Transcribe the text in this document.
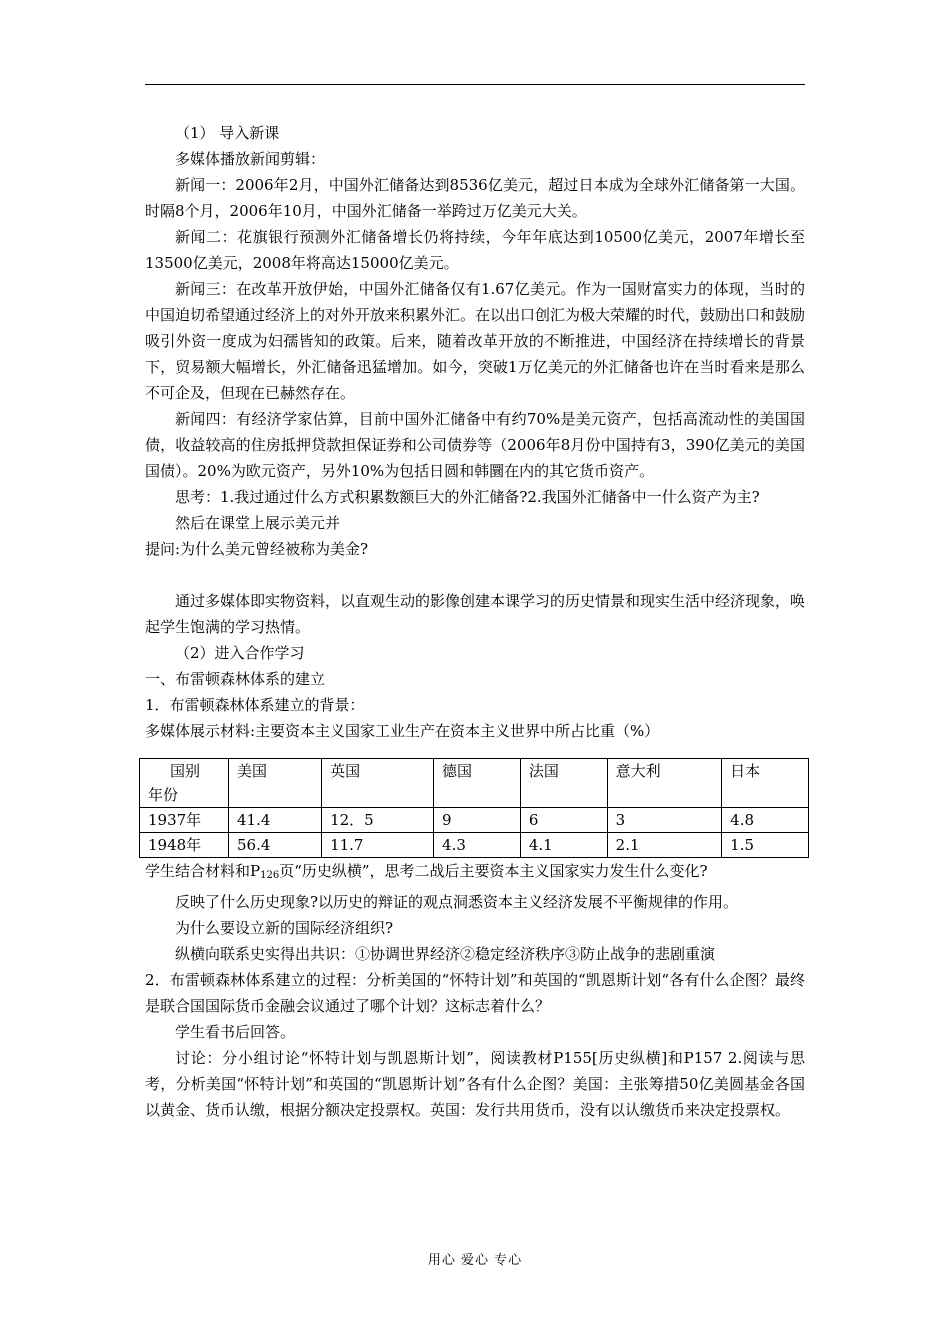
（1） 导入新课

多媒体播放新闻剪辑：

新闻一：2006年2月，中国外汇储备达到8536亿美元，超过日本成为全球外汇储备第一大国。时隔8个月，2006年10月，中国外汇储备一举跨过万亿美元大关。

新闻二：花旗银行预测外汇储备增长仍将持续，今年年底达到10500亿美元，2007年增长至13500亿美元，2008年将高达15000亿美元。

新闻三：在改革开放伊始，中国外汇储备仅有1.67亿美元。作为一国财富实力的体现，当时的中国迫切希望通过经济上的对外开放来积累外汇。在以出口创汇为极大荣耀的时代，鼓励出口和鼓励吸引外资一度成为妇孺皆知的政策。后来，随着改革开放的不断推进，中国经济在持续增长的背景下，贸易额大幅增长，外汇储备迅猛增加。如今，突破1万亿美元的外汇储备也许在当时看来是那么不可企及，但现在已赫然存在。

新闻四：有经济学家估算，目前中国外汇储备中有约70%是美元资产，包括高流动性的美国国债，收益较高的住房抵押贷款担保证券和公司债券等（2006年8月份中国持有3，390亿美元的美国国债）。20%为欧元资产，另外10%为包括日圆和韩圜在内的其它货币资产。

思考：1.我过通过什么方式积累数额巨大的外汇储备?2.我国外汇储备中一什么资产为主?

然后在课堂上展示美元并

提问:为什么美元曾经被称为美金?

通过多媒体即实物资料，以直观生动的影像创建本课学习的历史情景和现实生活中经济现象，唤起学生饱满的学习热情。

（2）进入合作学习

一、布雷顿森林体系的建立

1．布雷顿森林体系建立的背景：

多媒体展示材料:主要资本主义国家工业生产在资本主义世界中所占比重（%）

国别
年份	美国	英国	德国	法国	意大利	日本
1937年	41.4	12．5	9	6	3	4.8
1948年	56.4	11.7	4.3	4.1	2.1	1.5

学生结合材料和$P_{126}$页“历史纵横”，思考二战后主要资本主义国家实力发生什么变化?

反映了什么历史现象?以历史的辩证的观点洞悉资本主义经济发展不平衡规律的作用。

为什么要设立新的国际经济组织?

纵横向联系史实得出共识：①协调世界经济②稳定经济秩序③防止战争的悲剧重演

2．布雷顿森林体系建立的过程：分析美国的“怀特计划”和英国的“凯恩斯计划“各有什么企图？最终是联合国国际货币金融会议通过了哪个计划？这标志着什么？

学生看书后回答。

讨论：分小组讨论“怀特计划与凯恩斯计划”，阅读教材P155[历史纵横]和P157 2.阅读与思考，分析美国“怀特计划”和英国的“凯恩斯计划”各有什么企图？美国：主张筹措50亿美圆基金各国以黄金、货币认缴，根据分额决定投票权。英国：发行共用货币，没有以认缴货币来决定投票权。

用心 爱心 专心
